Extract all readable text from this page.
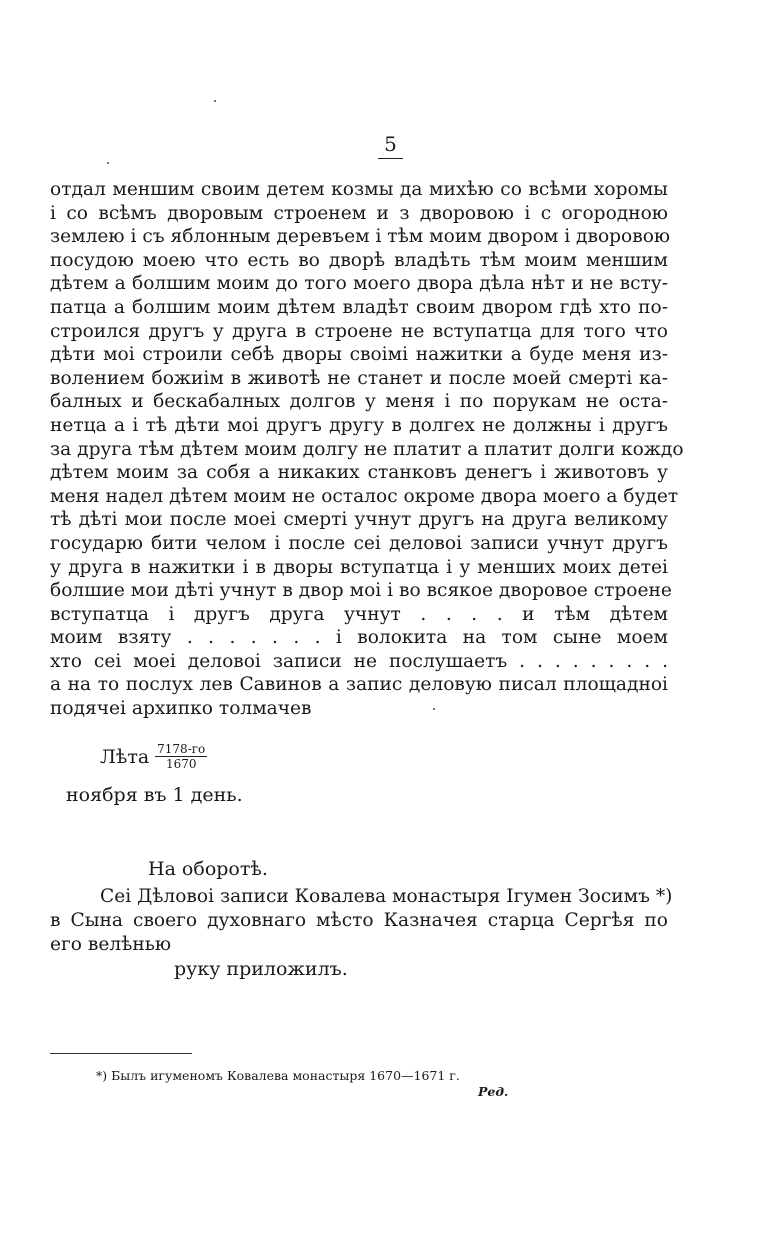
5
отдал меншим своим детем козмы да михѣю со всѣми хоромы
і со всѣмъ дворовым строенем и з дворовою і с огородною
землею і съ яблонным деревъем і тѣм моим двором і дворовою
посудою моею что есть во дворѣ владѣть тѣм моим меншим
дѣтем а болшим моим до того моего двора дѣла нѣт и не всту-
патца а болшим моим дѣтем владѣт своим двором гдѣ хто по-
строился другъ у друга в строене не вступатца для того что
дѣти моі строили себѣ дворы своімі нажитки а буде меня из-
волением божиім в животѣ не станет и после моей смерті ка-
балных и бескабалных долгов у меня і по порукам не оста-
нетца а і тѣ дѣти моі другъ другу в долгех не должны і другъ
за друга тѣм дѣтем моим долгу не платит а платит долги кождо
дѣтем моим за собя а никаких станковъ денегъ і животовъ у
меня надел дѣтем моим не осталос окроме двора моего а будет
тѣ дѣті мои после моеі смерті учнут другъ на друга великому
государю бити челом і после сеі деловоі записи учнут другъ
у друга в нажитки і в дворы вступатца і у менших моих детеі
болшие мои дѣті учнут в двор моі і во всякое дворовое строене
вступатца і другъ друга учнут . . . . и тѣм дѣтем
моим взяту . . . . . . . і волокита на том сыне моем
хто сеі моеі деловоі записи не послушаетъ . . . . . . . . .
а на то послух лев Савинов а запис деловую писал площадноі
подячеі архипко толмачев
Лѣта $\frac{7178-го}{1670}$
ноября въ 1 день.
На оборотѣ.
Сеі Дѣловоі записи Ковалева монастыря Ігумен Зосимъ *)
в Сына своего духовнаго мѣсто Казначея старца Сергѣя по
его велѣнью
руку приложилъ.
*) Былъ игуменомъ Ковалева монастыря 1670—1671 г.
Ред.
